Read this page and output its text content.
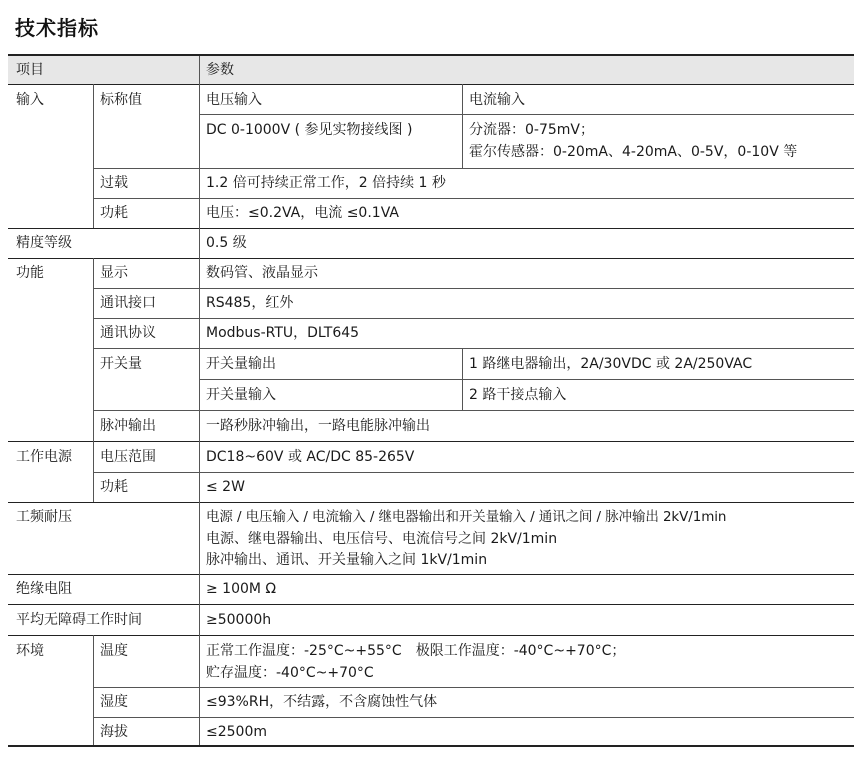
技术指标
项目	参数
输入	标称值	电压输入	电流输入
DC 0-1000V ( 参见实物接线图 )	分流器：0-75mV；
霍尔传感器：0-20mA、4-20mA、0-5V，0-10V 等
过载	1.2 倍可持续正常工作，2 倍持续 1 秒
功耗	电压：≤0.2VA，电流 ≤0.1VA
精度等级	0.5 级
功能	显示	数码管、液晶显示
通讯接口	RS485，红外
通讯协议	Modbus-RTU，DLT645
开关量	开关量输出	1 路继电器输出，2A/30VDC 或 2A/250VAC
开关量输入	2 路干接点输入
脉冲输出	一路秒脉冲输出，一路电能脉冲输出
工作电源 电压范围	DC18~60V 或 AC/DC 85-265V
功耗	≤ 2W
工频耐压	电源 / 电压输入 / 电流输入 / 继电器输出和开关量输入 / 通讯之间 / 脉冲输出 2kV/1min
电源、继电器输出、电压信号、电流信号之间 2kV/1min
脉冲输出、通讯、开关量输入之间 1kV/1min
绝缘电阻	≥ 100M Ω
平均无障碍工作时间	≥50000h
环境	温度	正常工作温度：-25°C~+55°C　极限工作温度：-40°C~+70°C；
贮存温度：-40°C~+70°C
湿度	≤93%RH，不结露，不含腐蚀性气体
海拔	≤2500m
